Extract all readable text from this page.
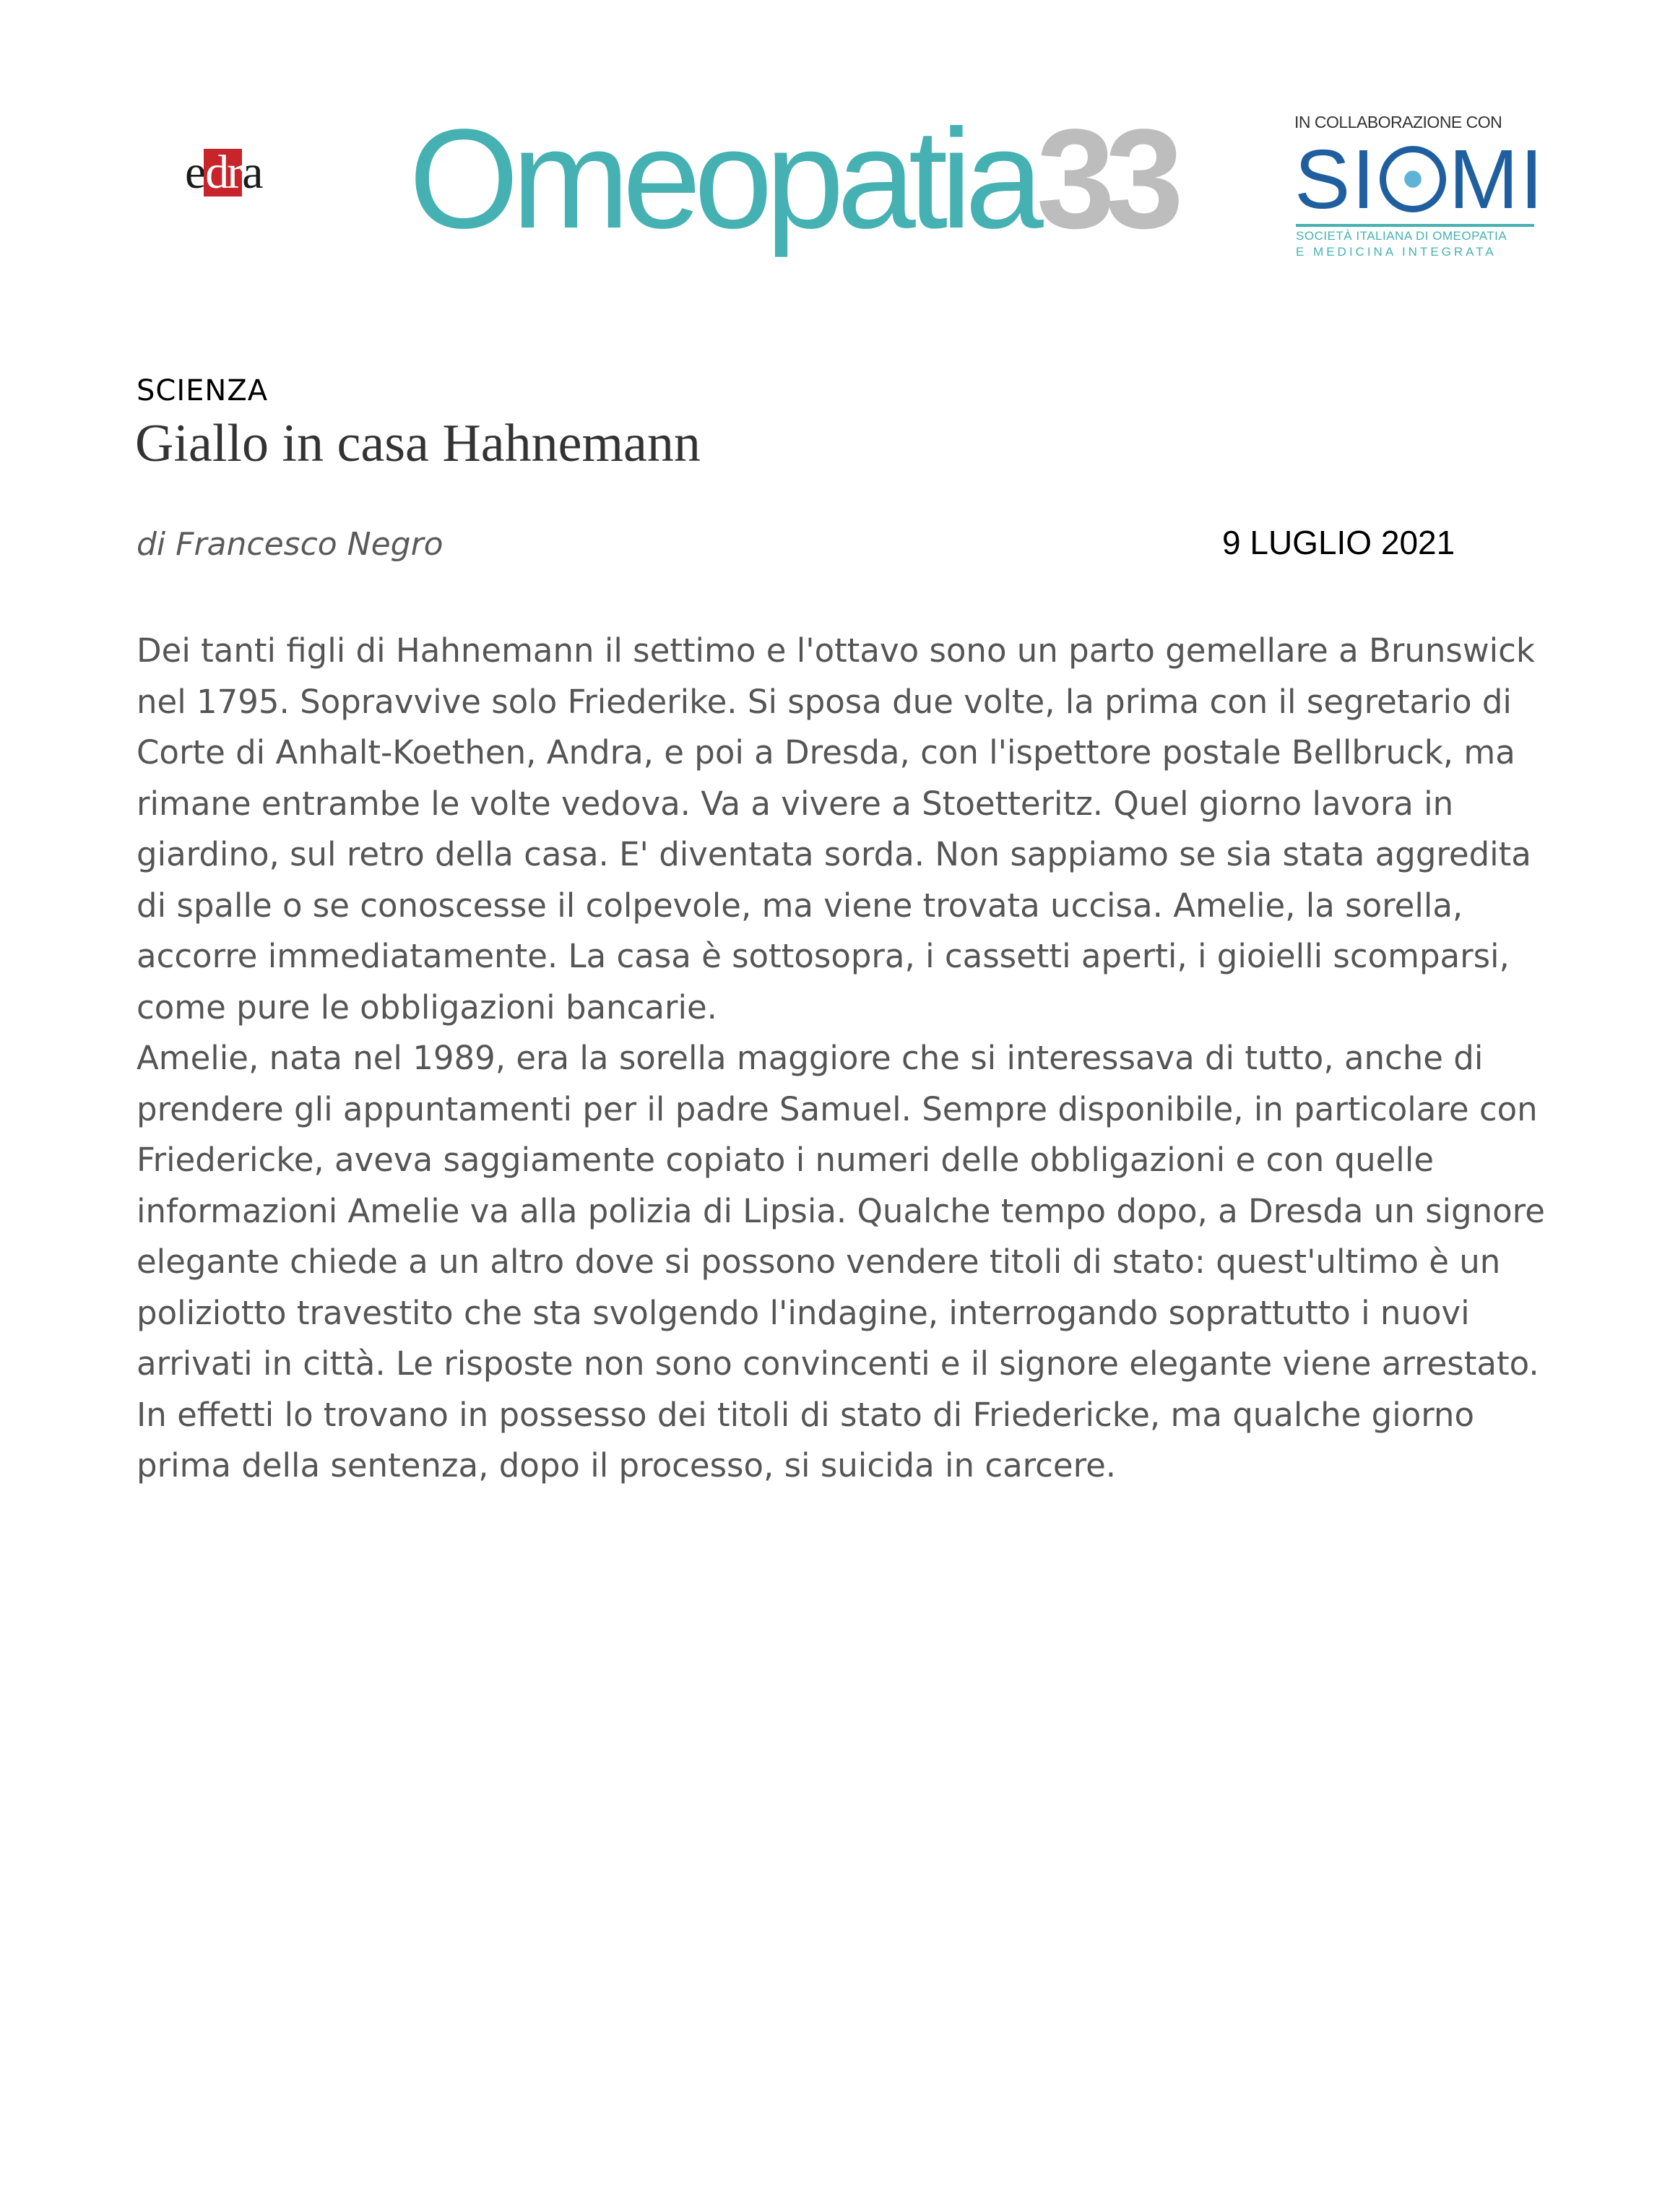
edra Omeopatia33	IN COLLABORAZIONE CON
SI MI
SOCIETÀ ITALIANA DI OMEOPATIA
E MEDICINA INTEGRATA
SCIENZA
Giallo in casa Hahnemann
di Francesco Negro	9 LUGLIO 2021

Dei tanti figli di Hahnemann il settimo e l'ottavo sono un parto gemellare a Brunswick nel 1795. Sopravvive solo Friederike. Si sposa due volte, la prima con il segretario di Corte di Anhalt-Koethen, Andra, e poi a Dresda, con l'ispettore postale Bellbruck, ma rimane entrambe le volte vedova. Va a vivere a Stoetteritz. Quel giorno lavora in giardino, sul retro della casa. E' diventata sorda. Non sappiamo se sia stata aggredita di spalle o se conoscesse il colpevole, ma viene trovata uccisa. Amelie, la sorella, accorre immediatamente. La casa è sottosopra, i cassetti aperti, i gioielli scomparsi, come pure le obbligazioni bancarie.

Amelie, nata nel 1989, era la sorella maggiore che si interessava di tutto, anche di prendere gli appuntamenti per il padre Samuel. Sempre disponibile, in particolare con Friedericke, aveva saggiamente copiato i numeri delle obbligazioni e con quelle informazioni Amelie va alla polizia di Lipsia. Qualche tempo dopo, a Dresda un signore elegante chiede a un altro dove si possono vendere titoli di stato: quest'ultimo è un poliziotto travestito che sta svolgendo l'indagine, interrogando soprattutto i nuovi arrivati in città. Le risposte non sono convincenti e il signore elegante viene arrestato. In effetti lo trovano in possesso dei titoli di stato di Friedericke, ma qualche giorno prima della sentenza, dopo il processo, si suicida in carcere.
